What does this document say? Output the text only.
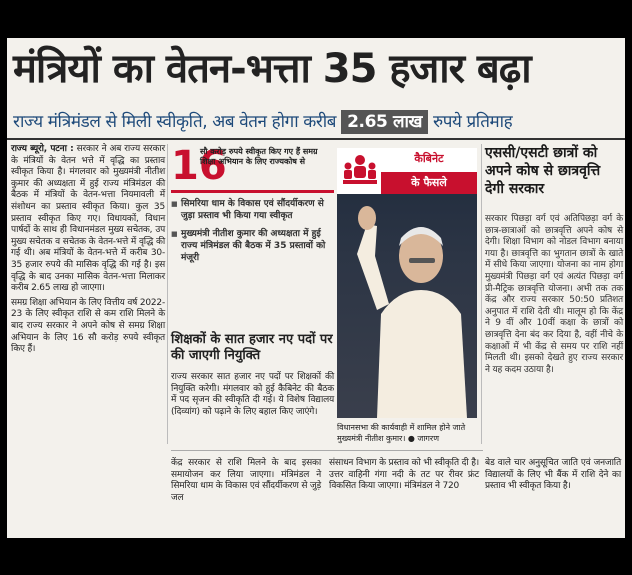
मंत्रियों का वेतन-भत्ता 35 हजार बढ़ा
राज्य मंत्रिमंडल से मिली स्वीकृति, अब वेतन होगा करीब 2.65 लाख रुपये प्रतिमाह
राज्य ब्यूरो, पटना : सरकार ने अब राज्य सरकार के मंत्रियों के वेतन भत्ते में वृद्धि का प्रस्ताव स्वीकृत किया है। मंगलवार को मुख्यमंत्री नीतीश कुमार की अध्यक्षता में हुई राज्य मंत्रिमंडल की बैठक में मंत्रियों के वेतन-भत्ता नियमावली में संशोधन का प्रस्ताव स्वीकृत किया। कुल 35 प्रस्ताव स्वीकृत किए गए। विधायकों, विधान पार्षदों के साथ ही विधानमंडल मुख्य सचेतक, उप मुख्य सचेतक व सचेतक के वेतन-भत्ते में वृद्धि की गई थी। अब मंत्रियों के वेतन-भत्ते में करीब 30-35 हजार रुपये की मासिक वृद्धि की गई है। इस वृद्धि के बाद उनका मासिक वेतन-भत्ता मिलाकर करीब 2.65 लाख हो जाएगा।
समग्र शिक्षा अभियान के लिए वित्तीय वर्ष 2022-23 के लिए स्वीकृत राशि से कम राशि मिलने के बाद राज्य सरकार ने अपने कोष से समग्र शिक्षा अभियान के लिए 16 सौ करोड़ रुपये स्वीकृत किए हैं।
16
सौ करोड़ रुपये स्वीकृत किए गए हैं समग्र शिक्षा अभियान के लिए राज्यकोष से
■ सिमरिया धाम के विकास एवं सौंदर्यीकरण से जुड़ा प्रस्ताव भी किया गया स्वीकृत
■ मुख्यमंत्री नीतीश कुमार की अध्यक्षता में हुई राज्य मंत्रिमंडल की बैठक में 35 प्रस्तावों को मंजूरी
शिक्षकों के सात हजार नए पदों पर की जाएगी नियुक्ति
राज्य सरकार सात हजार नए पदों पर शिक्षकों की नियुक्ति करेगी। मंगलवार को हुई कैबिनेट की बैठक में पद सृजन की स्वीकृति दी गई। ये विशेष विद्यालय (दिव्यांग) को पढ़ाने के लिए बहाल किए जाएंगे।
कैबिनेट
के फैसले
विधानसभा की कार्यवाही में शामिल होने जाते मुख्यमंत्री नीतीश कुमार। ● जागरण
एससी/एसटी छात्रों को अपने कोष से छात्रवृत्ति देगी सरकार
सरकार पिछड़ा वर्ग एवं अतिपिछड़ा वर्ग के छात्र-छात्राओं को छात्रवृत्ति अपने कोष से देगी। शिक्षा विभाग को नोडल विभाग बनाया गया है। छात्रवृत्ति का भुगतान छात्रों के खाते में सीधे किया जाएगा। योजना का नाम होगा मुख्यमंत्री पिछड़ा वर्ग एवं अत्यंत पिछड़ा वर्ग प्री-मैट्रिक छात्रवृत्ति योजना। अभी तक तक केंद्र और राज्य सरकार 50:50 प्रतिशत अनुपात में राशि देती थी। मालूम हो कि केंद्र ने 9 वीं और 10वीं कक्षा के छात्रों को छात्रवृत्ति देना बंद कर दिया है, वहीं नीचे के कक्षाओं में भी केंद्र से समय पर राशि नहीं मिलती थी। इसको देखते हुए राज्य सरकार ने यह कदम उठाया है।
केंद्र सरकार से राशि मिलने के बाद इसका समायोजन कर लिया जाएगा। मंत्रिमंडल ने सिमरिया धाम के विकास एवं सौंदर्यीकरण से जुड़े जल
संसाधन विभाग के प्रस्ताव को भी स्वीकृति दी है। उत्तर वाहिनी गंगा नदी के तट पर रीवर फ्रंट विकसित किया जाएगा। मंत्रिमंडल ने 720
बेड वाले चार अनुसूचित जाति एवं जनजाति विद्यालयों के लिए भी बैंक में राशि देने का प्रस्ताव भी स्वीकृत किया है।
